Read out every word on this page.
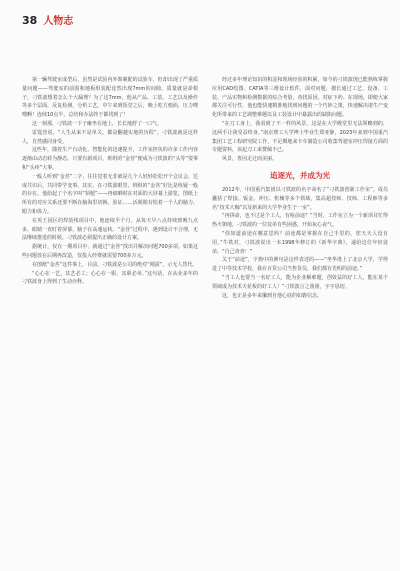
38 人物志

第一辆驾驶室成型后，虽然是试验内外饰案配的试验车，但却出现了严重质量问题——驾驶室的前围和地板组装配竟然出现7mm的间隙。质量就是命根子，刁铁波想着怎么个大漏理？为了这7mm，他从产品、工装、工艺以及操作等多个层面，反复检测，分析工艺。中午来到饭堂之后，晚上吃方便面，压力嗖嗖啊！连续10点半，总结和办法终于都找到了！

这一刻那，刁铁波一下子瘫坐在地上，长长地舒了一口气。

雷霆营说，“人生从来不是单关，都是翻越实地的历程”，刁铁波就是这样人，自然感同身受。

这些年，随着生产自动化、智能化的迅速提升，工作室担负的许多工作内容逐渐由动态转为静态。只要有新项目，班组的“金菩”便成为刁铁波的“头等”要事和“头疼”大事。

一般人听到“金菩”二字，往往觉着无非就是几个人轻轻松松开个会议会，达成共识后，共同带学变事。其实，在刁铁波眼里，班组的“金菩”好比是练疑一般的存在，他给起了个名字叫“领题”——再细晒时在对面的大屏幕上游览，图纸上所有的对应关系还要不断在脑海里切换、验证……活脱脱有绘着一个人的脑力、眼力和体力。

在英王园区的焊装线项目中，他连续半个月，从每天早八点持续到晚九点多，眼睛一直盯着屏幕，脑子在高速运转。“金菩”过程中，遇到设计不合理，无法继续推进的时候，刁铁波必须提出正确的设计方案。

据统计，仅在一期项目中，就通过“金菩”找出并解决问题700多项。如果这些问题放在后期再改造，仅投入经费就需要700多万元。

在图纸“金菩”这件事上，目前，刁铁波是公司的绝对“刚需”，示无人替代。

“心心在一艺，其艺必工；心心在一职，其职必举。”这句话，在从业多年的刁铁波身上得到了生动诠释。

经过多年理论知识的积淀和现场经验的积累，如今的刁铁波现已能熟练掌握应用CAD绘图、CATIA等三维设计软件，面对问题，擅长通过工艺、设备、工装、产品实物和检测数据的综合考量，查找原因，对症下药。在现场，即便大家都关注可行性，他也能快速精准地找到问题的一个巧妙之策，快速解决诸生产变化所带来的工艺调整难题以及工装设计中暴露出的缺陷问题。

“在刀工身上，我看到了不一样的风景，这是在大学殿堂里无法领略到的，这两手让我受益终身。”南京理工大学博士毕业生郑亚静，2023年来到中国重汽集团工艺工程研究院工作，不足期地来卡车制造公司收集驾驶室冲压焊接方面的专题资料，该起刀工来赞佩不已。

风景，皆因走过而美丽。

追逐光，并成为光

2012年，中国重汽集团以刁铁波的名字命名了“刁铁波创新工作室”，成员囊括了焊接、钣金、冲压、机械等多个领域，集高超技师、技师、工程师等多名“技术大咖”以及新来的大学毕业生于一室”。

“再拼命，也不过是个工人，有啥前途？”当时，工作室立为一个新项目忙得热火朝地，刁铁波的一位徒弟有些困惑，开始灰心丧气。

“你知道前途在哪意思吗？前途都是掌握在自己手里的，您天天人没有用，”牛铁对，刁铁波说出一本1998年修订的《新华字典》，递给这位年轻徒弟，“自己查查！”

关于“前途”，字典中的例句是这样表述的——“坐华准上了北京大学，学得进了中等技术学校，我在百货公司当售货员，我们都有光明的前途。”

“当工人也要当一名好工人，能为企业解难题，创效益的好工人，能在某个领域成为技术天花板的好工人！”刁铁波言之凿凿，字字恳切。

这，也正是多年来攥到自他心底的如磐信念。
